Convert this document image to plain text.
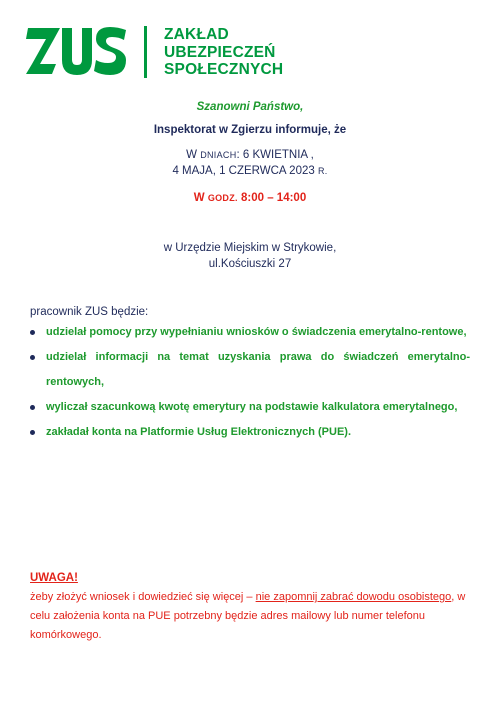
ZAKŁAD
UBEZPIECZEŃ
SPOŁECZNYCH
Szanowni Państwo,
Inspektorat w Zgierzu informuje, że
W DNIACH: 6 KWIETNIA ,
4 MAJA, 1 CZERWCA 2023 R.
W GODZ. 8:00 – 14:00
w Urzędzie Miejskim w Strykowie,
ul.Kościuszki 27
pracownik ZUS będzie:
udzielał pomocy przy wypełnianiu wniosków o świadczenia emerytalno-rentowe,
udzielał informacji na temat uzyskania prawa do świadczeń emerytalno-rentowych,
wyliczał szacunkową kwotę emerytury na podstawie kalkulatora emerytalnego,
zakładał konta na Platformie Usług Elektronicznych (PUE).
UWAGA!
żeby złożyć wniosek i dowiedzieć się więcej – nie zapomnij zabrać dowodu osobistego, w celu założenia konta na PUE potrzebny będzie adres mailowy lub numer telefonu komórkowego.
